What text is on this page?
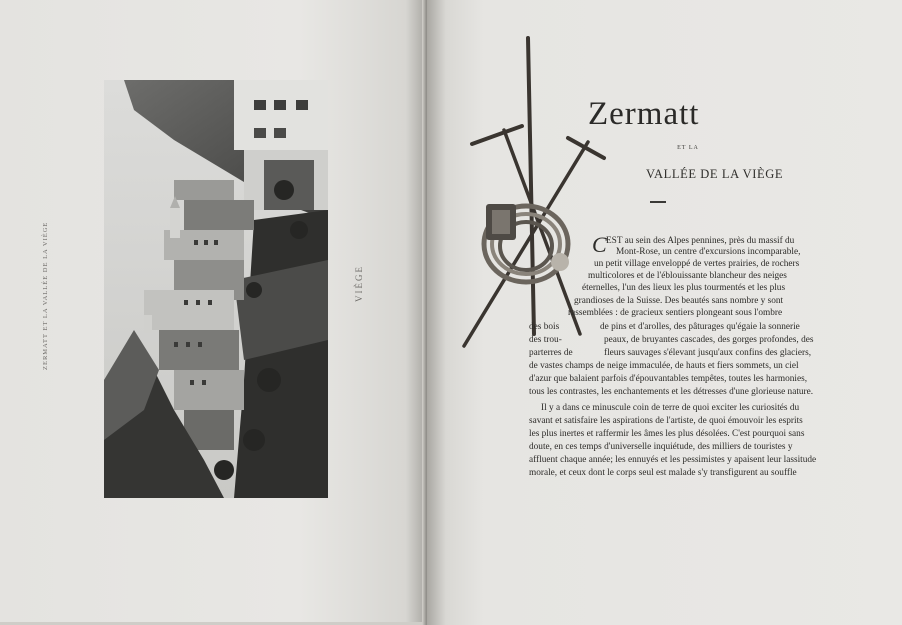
ZERMATT ET LA VALLÉE DE LA VIÈGE	VIÈGE
Zermatt
ET LA
VALLÉE DE LA VIÈGE
C EST au sein des Alpes pennines, près du massif du
Mont-Rose, un centre d'excursions incomparable,
un petit village enveloppé de vertes prairies, de rochers
multicolores et de l'éblouissante blancheur des neiges
éternelles, l'un des lieux les plus tourmentés et les plus
grandioses de la Suisse. Des beautés sans nombre y sont
rassemblées : de gracieux sentiers plongeant sous l'ombre
des bois	de pins et d'arolles, des pâturages qu'égaie la sonnerie
des trou-	peaux, de bruyantes cascades, des gorges profondes, des
parterres de	fleurs sauvages s'élevant jusqu'aux confins des glaciers,
de vastes champs de neige immaculée, de hauts et fiers sommets, un ciel
d'azur que balaient parfois d'épouvantables tempêtes, toutes les harmonies,
tous les contrastes, les enchantements et les détresses d'une glorieuse nature.
Il y a dans ce minuscule coin de terre de quoi exciter les curiosités du
savant et satisfaire les aspirations de l'artiste, de quoi émouvoir les esprits
les plus inertes et raffermir les âmes les plus désolées. C'est pourquoi sans
doute, en ces temps d'universelle inquiétude, des milliers de touristes y
affluent chaque année; les ennuyés et les pessimistes y apaisent leur lassitude
morale, et ceux dont le corps seul est malade s'y transfigurent au souffle
